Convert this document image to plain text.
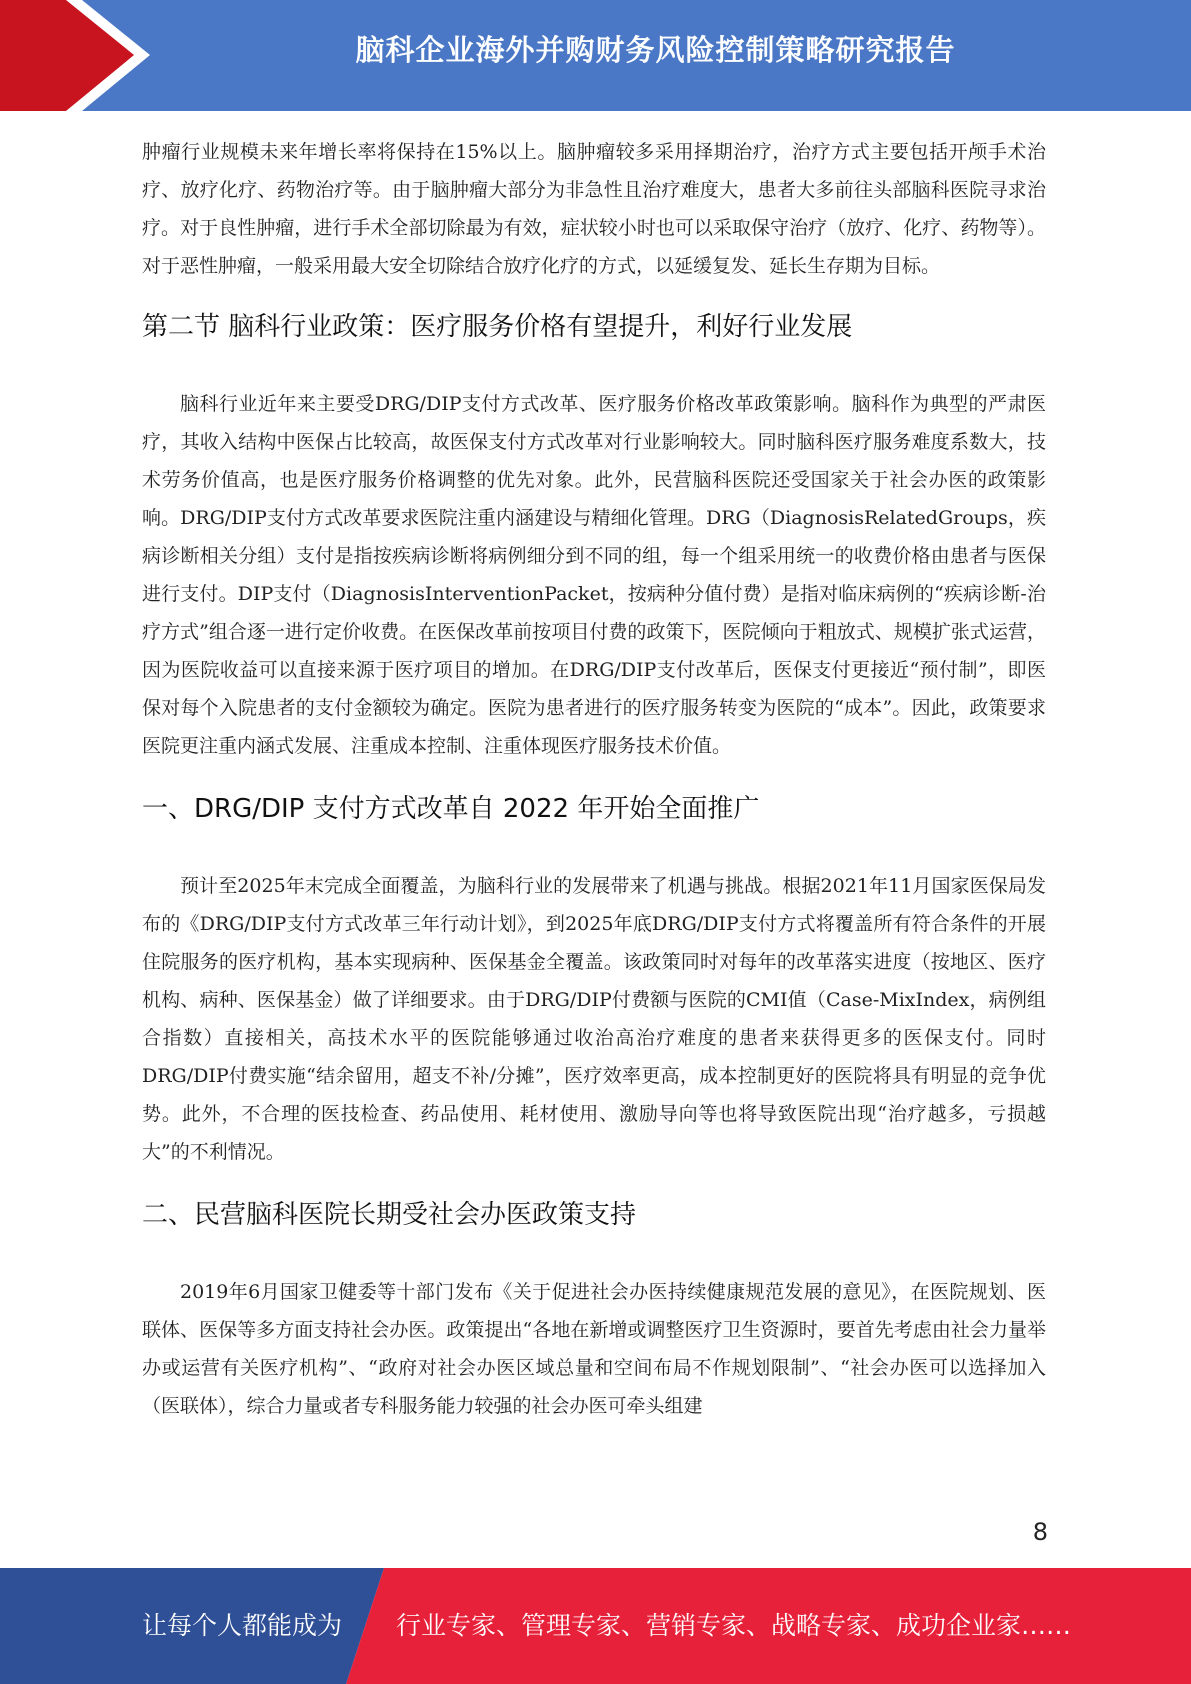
脑科企业海外并购财务风险控制策略研究报告

肿瘤行业规模未来年增长率将保持在15%以上。脑肿瘤较多采用择期治疗，治疗方式主要包括开颅手术治疗、放疗化疗、药物治疗等。由于脑肿瘤大部分为非急性且治疗难度大，患者大多前往头部脑科医院寻求治疗。对于良性肿瘤，进行手术全部切除最为有效，症状较小时也可以采取保守治疗（放疗、化疗、药物等）。对于恶性肿瘤，一般采用最大安全切除结合放疗化疗的方式，以延缓复发、延长生存期为目标。

第二节 脑科行业政策：医疗服务价格有望提升，利好行业发展

脑科行业近年来主要受DRG/DIP支付方式改革、医疗服务价格改革政策影响。脑科作为典型的严肃医疗，其收入结构中医保占比较高，故医保支付方式改革对行业影响较大。同时脑科医疗服务难度系数大，技术劳务价值高，也是医疗服务价格调整的优先对象。此外，民营脑科医院还受国家关于社会办医的政策影响。DRG/DIP支付方式改革要求医院注重内涵建设与精细化管理。DRG（DiagnosisRelatedGroups，疾病诊断相关分组）支付是指按疾病诊断将病例细分到不同的组，每一个组采用统一的收费价格由患者与医保进行支付。DIP支付（DiagnosisInterventionPacket，按病种分值付费）是指对临床病例的“疾病诊断-治疗方式”组合逐一进行定价收费。在医保改革前按项目付费的政策下，医院倾向于粗放式、规模扩张式运营，因为医院收益可以直接来源于医疗项目的增加。在DRG/DIP支付改革后，医保支付更接近“预付制”，即医保对每个入院患者的支付金额较为确定。医院为患者进行的医疗服务转变为医院的“成本”。因此，政策要求医院更注重内涵式发展、注重成本控制、注重体现医疗服务技术价值。

一、DRG/DIP 支付方式改革自 2022 年开始全面推广

预计至2025年末完成全面覆盖，为脑科行业的发展带来了机遇与挑战。根据2021年11月国家医保局发布的《DRG/DIP支付方式改革三年行动计划》，到2025年底DRG/DIP支付方式将覆盖所有符合条件的开展住院服务的医疗机构，基本实现病种、医保基金全覆盖。该政策同时对每年的改革落实进度（按地区、医疗机构、病种、医保基金）做了详细要求。由于DRG/DIP付费额与医院的CMI值（Case-MixIndex，病例组合指数）直接相关，高技术水平的医院能够通过收治高治疗难度的患者来获得更多的医保支付。同时DRG/DIP付费实施“结余留用，超支不补/分摊”，医疗效率更高，成本控制更好的医院将具有明显的竞争优势。此外，不合理的医技检查、药品使用、耗材使用、激励导向等也将导致医院出现“治疗越多，亏损越大”的不利情况。

二、民营脑科医院长期受社会办医政策支持

2019年6月国家卫健委等十部门发布《关于促进社会办医持续健康规范发展的意见》，在医院规划、医联体、医保等多方面支持社会办医。政策提出“各地在新增或调整医疗卫生资源时，要首先考虑由社会力量举办或运营有关医疗机构”、“政府对社会办医区域总量和空间布局不作规划限制”、“社会办医可以选择加入（医联体），综合力量或者专科服务能力较强的社会办医可牵头组建

8
让每个人都能成为 行业专家、管理专家、营销专家、战略专家、成功企业家……
